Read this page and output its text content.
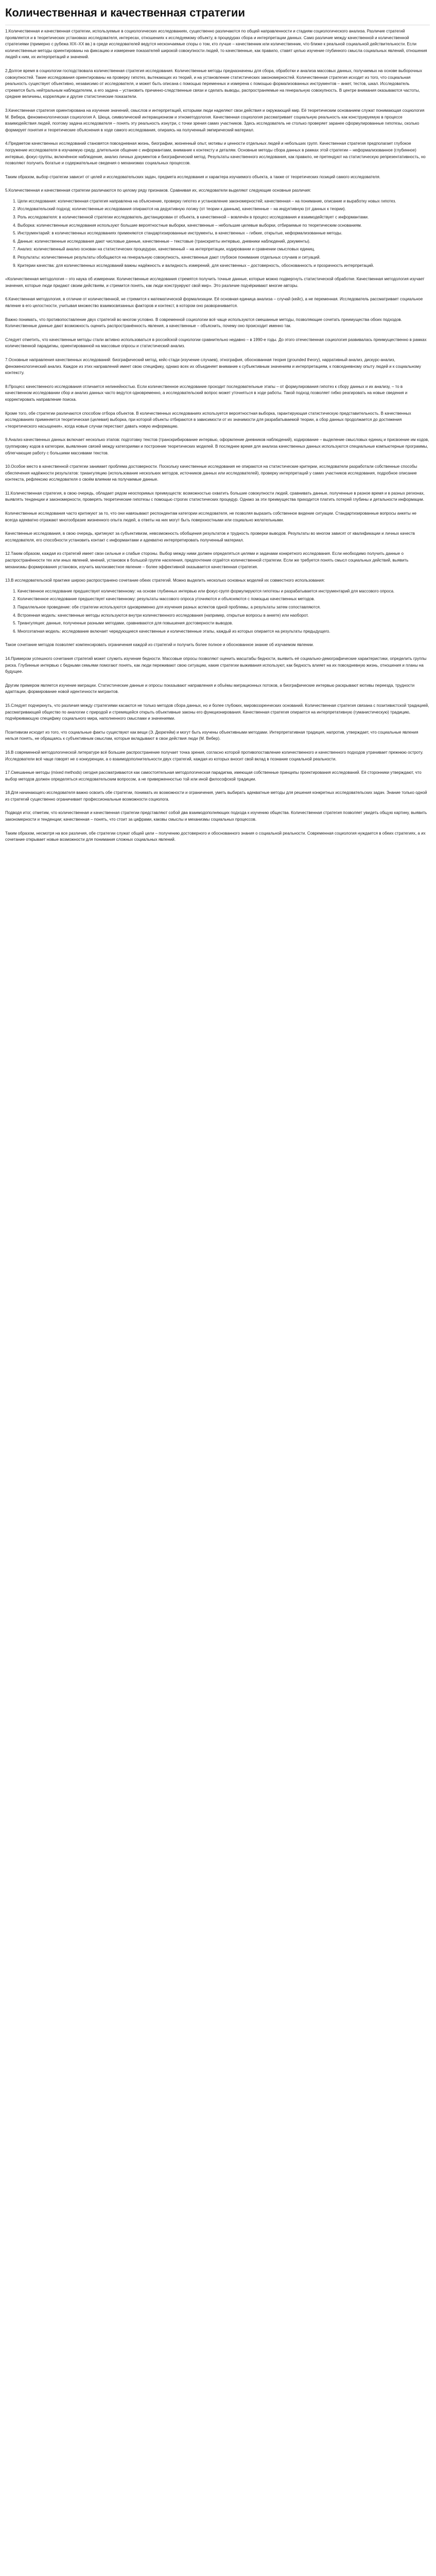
Количественная и качественная стратегии

1.Количественная и качественная стратегии, используемые в социологических исследованиях, существенно различаются по общей направленности и стадиям социологического анализа. Различие стратегий проявляется и в теоретических установках исследователя, интересах, отношениях к исследуемому объекту, в процедурах сбора и интерпретации данных. Само различие между качественной и количественной стратегиями (примерно с рубежа XIX–XX вв.) в среде исследователей ведутся нескончаемые споры о том, кто лучше – качественник или количественник, что ближе к реальной социальной действительности. Если количественные методы ориентированы на фиксацию и измерение показателей широкой совокупности людей, то качественные, как правило, ставят целью изучение глубинного смысла социальных явлений, отношения людей к ним, их интерпретаций и значений.

2.Долгое время в социологии господствовала количественная стратегия исследования. Количественные методы предназначены для сбора, обработки и анализа массовых данных, получаемых на основе выборочных совокупностей. Такие исследования ориентированы на проверку гипотез, вытекающих из теорий, и на установление статистических закономерностей. Количественная стратегия исходит из того, что социальная реальность существует объективно, независимо от исследователя, и может быть описана с помощью переменных и измерена с помощью формализованных инструментов – анкет, тестов, шкал. Исследователь стремится быть нейтральным наблюдателем, а его задача – установить причинно-следственные связи и сделать выводы, распространяемые на генеральную совокупность. В центре внимания оказываются частоты, средние величины, корреляции и другие статистические показатели.

3.Качественная стратегия ориентирована на изучение значений, смыслов и интерпретаций, которыми люди наделяют свои действия и окружающий мир. Её теоретическим основанием служат понимающая социология М. Вебера, феноменологическая социология А. Шюца, символический интеракционизм и этнометодология. Качественная социология рассматривает социальную реальность как конструируемую в процессе взаимодействия людей, поэтому задача исследователя – понять эту реальность изнутри, с точки зрения самих участников. Здесь исследователь не столько проверяет заранее сформулированные гипотезы, сколько формирует понятия и теоретические объяснения в ходе самого исследования, опираясь на полученный эмпирический материал.

4.Предметом качественных исследований становятся повседневная жизнь, биографии, жизненный опыт, мотивы и ценности отдельных людей и небольших групп. Качественная стратегия предполагает глубокое погружение исследователя в изучаемую среду, длительное общение с информантами, внимание к контексту и деталям. Основные методы сбора данных в рамках этой стратегии – неформализованное (глубинное) интервью, фокус-группы, включённое наблюдение, анализ личных документов и биографический метод. Результаты качественного исследования, как правило, не претендуют на статистическую репрезентативность, но позволяют получить богатые и содержательные сведения о механизмах социальных процессов.

Таким образом, выбор стратегии зависит от целей и исследовательских задач, предмета исследования и характера изучаемого объекта, а также от теоретических позиций самого исследователя.

5.Количественная и качественная стратегии различаются по целому ряду признаков. Сравнивая их, исследователи выделяют следующие основные различия:

1. Цели исследования: количественная стратегия направлена на объяснение, проверку гипотез и установление закономерностей; качественная – на понимание, описание и выработку новых гипотез.
2. Исследовательский подход: количественные исследования опираются на дедуктивную логику (от теории к данным), качественные – на индуктивную (от данных к теории).
3. Роль исследователя: в количественной стратегии исследователь дистанцирован от объекта, в качественной – вовлечён в процесс исследования и взаимодействует с информантами.
4. Выборка: количественные исследования используют большие вероятностные выборки, качественные – небольшие целевые выборки, отбираемые по теоретическим основаниям.
5. Инструментарий: в количественных исследованиях применяются стандартизированные инструменты, в качественных – гибкие, открытые, неформализованные методы.
6. Данные: количественные исследования дают числовые данные, качественные – текстовые (транскрипты интервью, дневники наблюдений, документы).
7. Анализ: количественный анализ основан на статистических процедурах, качественный – на интерпретации, кодировании и сравнении смысловых единиц.
8. Результаты: количественные результаты обобщаются на генеральную совокупность, качественные дают глубокое понимание отдельных случаев и ситуаций.
9. Критерии качества: для количественных исследований важны надёжность и валидность измерений, для качественных – достоверность, обоснованность и прозрачность интерпретаций.

«Количественная методология – это наука об измерении. Количественные исследования стремятся получить точные данные, которые можно подвергнуть статистической обработке. Качественная методология изучает значения, которые люди придают своим действиям, и стремится понять, как люди конструируют свой мир». Это различие подчёркивают многие авторы.

6.Качественная методология, в отличие от количественной, не стремится к математической формализации. Её основная единица анализа – случай (кейс), а не переменная. Исследователь рассматривает социальное явление в его целостности, учитывая множество взаимосвязанных факторов и контекст, в котором оно разворачивается.

Важно понимать, что противопоставление двух стратегий во многом условно. В современной социологии всё чаще используются смешанные методы, позволяющие сочетать преимущества обоих подходов. Количественные данные дают возможность оценить распространённость явления, а качественные – объяснить, почему оно происходит именно так.

Следует отметить, что качественные методы стали активно использоваться в российской социологии сравнительно недавно – в 1990-е годы. До этого отечественная социология развивалась преимущественно в рамках количественной парадигмы, ориентированной на массовые опросы и статистический анализ.

7.Основные направления качественных исследований: биографический метод, кейс-стади (изучение случаев), этнография, обоснованная теория (grounded theory), нарративный анализ, дискурс-анализ, феноменологический анализ. Каждое из этих направлений имеет свою специфику, однако всех их объединяет внимание к субъективным значениям и интерпретациям, к повседневному опыту людей и к социальному контексту.

8.Процесс качественного исследования отличается нелинейностью. Если количественное исследование проходит последовательные этапы – от формулирования гипотез к сбору данных и их анализу, – то в качественном исследовании сбор и анализ данных часто ведутся одновременно, а исследовательский вопрос может уточняться в ходе работы. Такой подход позволяет гибко реагировать на новые сведения и корректировать направление поиска.

Кроме того, обе стратегии различаются способом отбора объектов. В количественных исследованиях используется вероятностная выборка, гарантирующая статистическую представительность. В качественных исследованиях применяется теоретическая (целевая) выборка, при которой объекты отбираются в зависимости от их значимости для разрабатываемой теории, а сбор данных продолжается до достижения «теоретического насыщения», когда новые случаи перестают давать новую информацию.

9.Анализ качественных данных включает несколько этапов: подготовку текстов (транскрибирование интервью, оформление дневников наблюдений), кодирование – выделение смысловых единиц и присвоение им кодов, группировку кодов в категории, выявление связей между категориями и построение теоретических моделей. В последнее время для анализа качественных данных используются специальные компьютерные программы, облегчающие работу с большими массивами текстов.

10.Особое место в качественной стратегии занимает проблема достоверности. Поскольку качественные исследования не опираются на статистические критерии, исследователи разработали собственные способы обеспечения надёжности результатов: триангуляцию (использование нескольких методов, источников данных или исследователей), проверку интерпретаций у самих участников исследования, подробное описание контекста, рефлексию исследователя о своём влиянии на получаемые данные.

11.Количественная стратегия, в свою очередь, обладает рядом неоспоримых преимуществ: возможностью охватить большие совокупности людей, сравнивать данные, полученные в разное время и в разных регионах, выявлять тенденции и закономерности, проверять теоретические гипотезы с помощью строгих статистических процедур. Однако за эти преимущества приходится платить потерей глубины и детальности информации.

Количественные исследования часто критикуют за то, что они навязывают респондентам категории исследователя, не позволяя выразить собственное видение ситуации. Стандартизированные вопросы анкеты не всегда адекватно отражают многообразие жизненного опыта людей, а ответы на них могут быть поверхностными или социально желательными.

Качественные исследования, в свою очередь, критикуют за субъективизм, невозможность обобщения результатов и трудность проверки выводов. Результаты во многом зависят от квалификации и личных качеств исследователя, его способности установить контакт с информантами и адекватно интерпретировать полученный материал.

12.Таким образом, каждая из стратегий имеет свои сильные и слабые стороны. Выбор между ними должен определяться целями и задачами конкретного исследования. Если необходимо получить данные о распространённости тех или иных явлений, мнений, установок в большой группе населения, предпочтение отдаётся количественной стратегии. Если же требуется понять смысл социальных действий, выявить механизмы формирования установок, изучить малоизвестное явление – более эффективной оказывается качественная стратегия.

13.В исследовательской практике широко распространено сочетание обеих стратегий. Можно выделить несколько основных моделей их совместного использования:

1. Качественное исследование предшествует количественному: на основе глубинных интервью или фокус-групп формулируются гипотезы и разрабатывается инструментарий для массового опроса.
2. Количественное исследование предшествует качественному: результаты массового опроса уточняются и объясняются с помощью качественных методов.
3. Параллельное проведение: обе стратегии используются одновременно для изучения разных аспектов одной проблемы, а результаты затем сопоставляются.
4. Встроенная модель: качественные методы используются внутри количественного исследования (например, открытые вопросы в анкете) или наоборот.
5. Триангуляция: данные, полученные разными методами, сравниваются для повышения достоверности выводов.
6. Многоэтапная модель: исследование включает чередующиеся качественные и количественные этапы, каждый из которых опирается на результаты предыдущего.

Такое сочетание методов позволяет компенсировать ограничения каждой из стратегий и получить более полное и обоснованное знание об изучаемом явлении.

14.Примером успешного сочетания стратегий может служить изучение бедности. Массовые опросы позволяют оценить масштабы бедности, выявить её социально-демографические характеристики, определить группы риска. Глубинные интервью с бедными семьями помогают понять, как люди переживают свою ситуацию, какие стратегии выживания используют, как бедность влияет на их повседневную жизнь, отношения и планы на будущее.

Другим примером является изучение миграции. Статистические данные и опросы показывают направления и объёмы миграционных потоков, а биографические интервью раскрывают мотивы переезда, трудности адаптации, формирование новой идентичности мигрантов.

15.Следует подчеркнуть, что различия между стратегиями касаются не только методов сбора данных, но и более глубоких, мировоззренческих оснований. Количественная стратегия связана с позитивистской традицией, рассматривающей общество по аналогии с природой и стремящейся открыть объективные законы его функционирования. Качественная стратегия опирается на интерпретативную (гуманистическую) традицию, подчёркивающую специфику социального мира, наполненного смыслами и значениями.

Позитивизм исходит из того, что социальные факты существуют как вещи (Э. Дюркгейм) и могут быть изучены объективными методами. Интерпретативная традиция, напротив, утверждает, что социальные явления нельзя понять, не обращаясь к субъективным смыслам, которые вкладывают в свои действия люди (М. Вебер).

16.В современной методологической литературе всё большее распространение получает точка зрения, согласно которой противопоставление количественного и качественного подходов утрачивает прежнюю остроту. Исследователи всё чаще говорят не о конкуренции, а о взаимодополнительности двух стратегий, каждая из которых вносит свой вклад в познание социальной реальности.

17.Смешанные методы (mixed methods) сегодня рассматриваются как самостоятельная методологическая парадигма, имеющая собственные принципы проектирования исследований. Её сторонники утверждают, что выбор методов должен определяться исследовательским вопросом, а не приверженностью той или иной философской традиции.

18.Для начинающего исследователя важно освоить обе стратегии, понимать их возможности и ограничения, уметь выбирать адекватные методы для решения конкретных исследовательских задач. Знание только одной из стратегий существенно ограничивает профессиональные возможности социолога.

Подводя итог, отметим, что количественная и качественная стратегии представляют собой два взаимодополняющих подхода к изучению общества. Количественная стратегия позволяет увидеть общую картину, выявить закономерности и тенденции; качественная – понять, что стоит за цифрами, каковы смыслы и механизмы социальных процессов.

Таким образом, несмотря на все различия, обе стратегии служат общей цели – получению достоверного и обоснованного знания о социальной реальности. Современная социология нуждается в обеих стратегиях, а их сочетание открывает новые возможности для понимания сложных социальных явлений.
